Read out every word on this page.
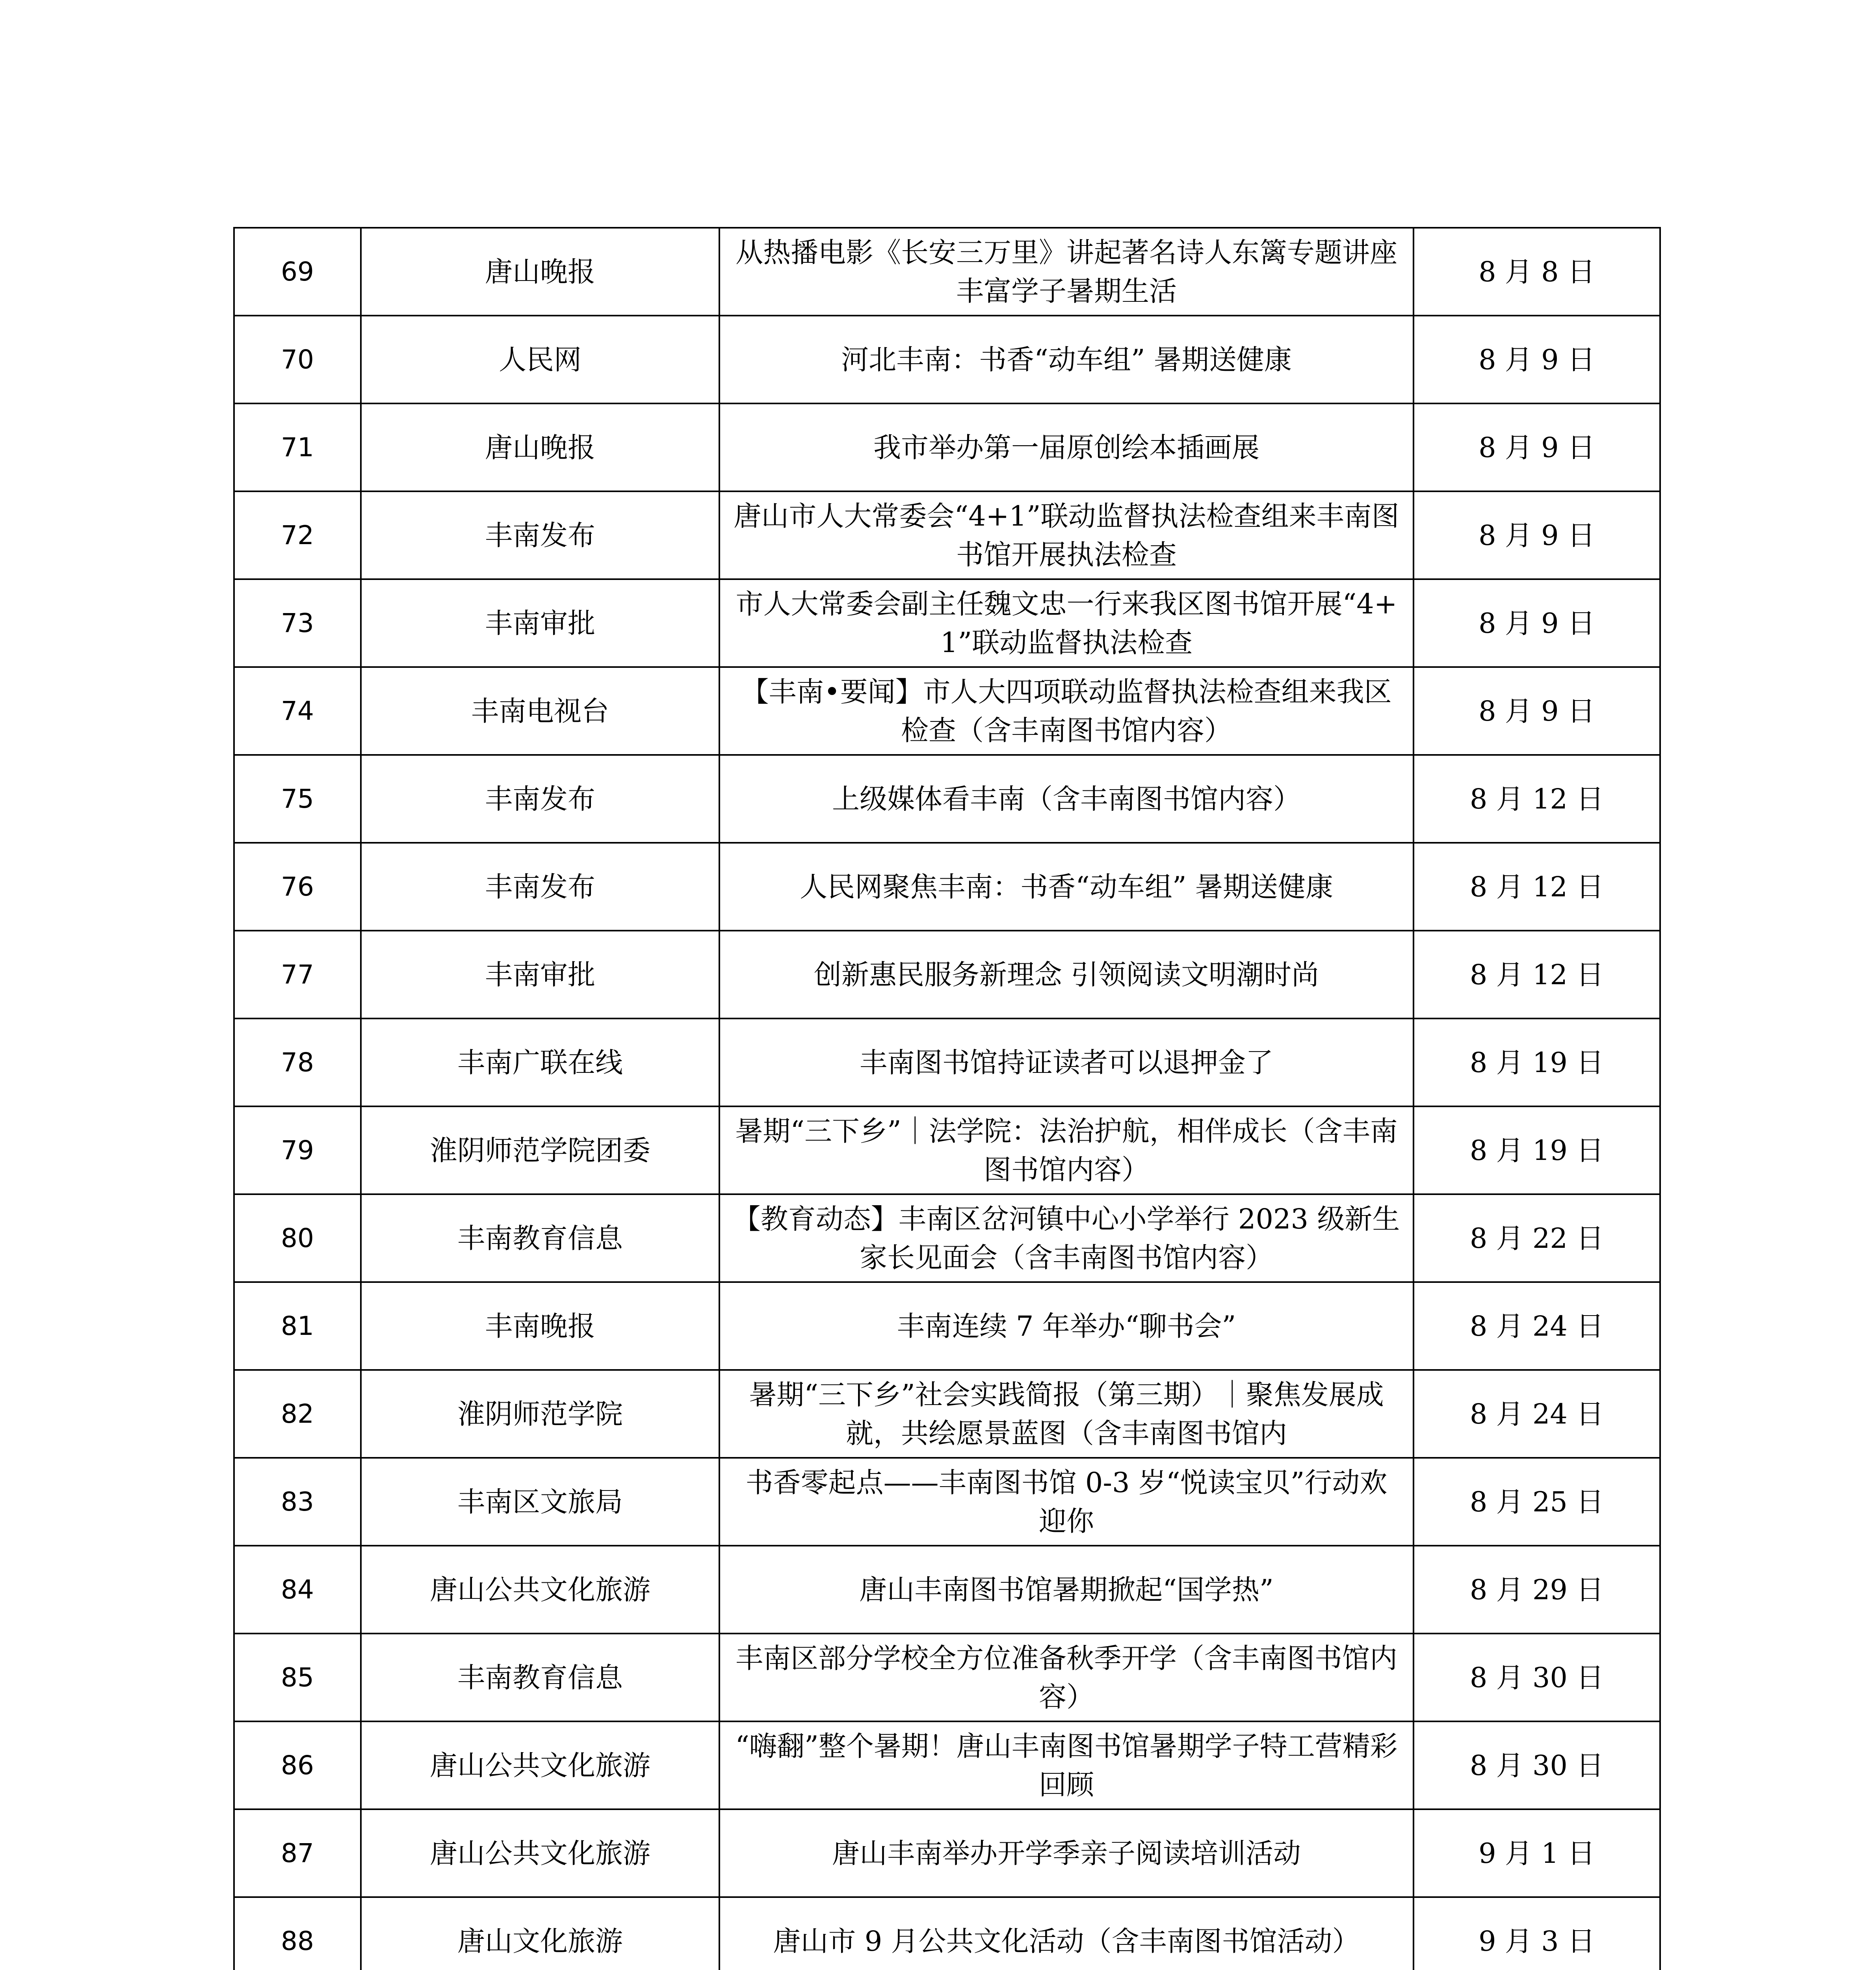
69	唐山晚报	从热播电影《长安三万里》讲起著名诗人东篱专题讲座丰富学子暑期生活	8 月 8 日

70	人民网	河北丰南：书香“动车组” 暑期送健康	8 月 9 日

71	唐山晚报	我市举办第一届原创绘本插画展	8 月 9 日

72	丰南发布	唐山市人大常委会“4+1”联动监督执法检查组来丰南图书馆开展执法检查	8 月 9 日

73	丰南审批	市人大常委会副主任魏文忠一行来我区图书馆开展“4+1”联动监督执法检查	8 月 9 日

74	丰南电视台	【丰南•要闻】市人大四项联动监督执法检查组来我区检查（含丰南图书馆内容）	8 月 9 日

75	丰南发布	上级媒体看丰南（含丰南图书馆内容）	8 月 12 日

76	丰南发布	人民网聚焦丰南：书香“动车组” 暑期送健康	8 月 12 日

77	丰南审批	创新惠民服务新理念 引领阅读文明潮时尚	8 月 12 日

78	丰南广联在线	丰南图书馆持证读者可以退押金了	8 月 19 日

79	淮阴师范学院团委	暑期“三下乡”｜法学院：法治护航，相伴成长（含丰南图书馆内容）	8 月 19 日

80	丰南教育信息	【教育动态】丰南区岔河镇中心小学举行 2023 级新生家长见面会（含丰南图书馆内容）	8 月 22 日

81	丰南晚报	丰南连续 7 年举办“聊书会”	8 月 24 日

82	淮阴师范学院	暑期“三下乡”社会实践简报（第三期）｜聚焦发展成就，共绘愿景蓝图（含丰南图书馆内	8 月 24 日

83	丰南区文旅局	书香零起点——丰南图书馆 0-3 岁“悦读宝贝”行动欢迎你	8 月 25 日

84	唐山公共文化旅游	唐山丰南图书馆暑期掀起“国学热”	8 月 29 日

85	丰南教育信息	丰南区部分学校全方位准备秋季开学（含丰南图书馆内容）	8 月 30 日

86	唐山公共文化旅游	“嗨翻”整个暑期！唐山丰南图书馆暑期学子特工营精彩回顾	8 月 30 日

87	唐山公共文化旅游	唐山丰南举办开学季亲子阅读培训活动	9 月 1 日

88	唐山文化旅游	唐山市 9 月公共文化活动（含丰南图书馆活动）	9 月 3 日
